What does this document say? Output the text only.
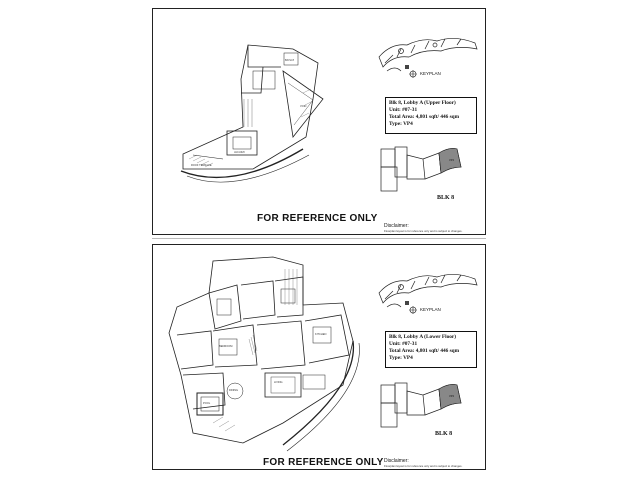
BATH 8
VOID
JACUZZI
ROOF TERRACE
KEYPLAN
Blk 8, Lobby A (Upper Floor)
Unit: #07-31
Total Area: 4,801 sqft/ 446 sqm
Type: VP4
VP4
BLK 8
FOR REFERENCE ONLY
Disclaimer:
Floorplan layout is for reference only and is subject to changes.
LIVING
DINING
BEDROOM
KITCHEN
POOL
KEYPLAN
Blk 8, Lobby A (Lower Floor)
Unit: #07-31
Total Area: 4,801 sqft/ 446 sqm
Type: VP4
VP4
BLK 8
FOR REFERENCE ONLY Disclaimer:
Floorplan layout is for reference only and is subject to changes.
